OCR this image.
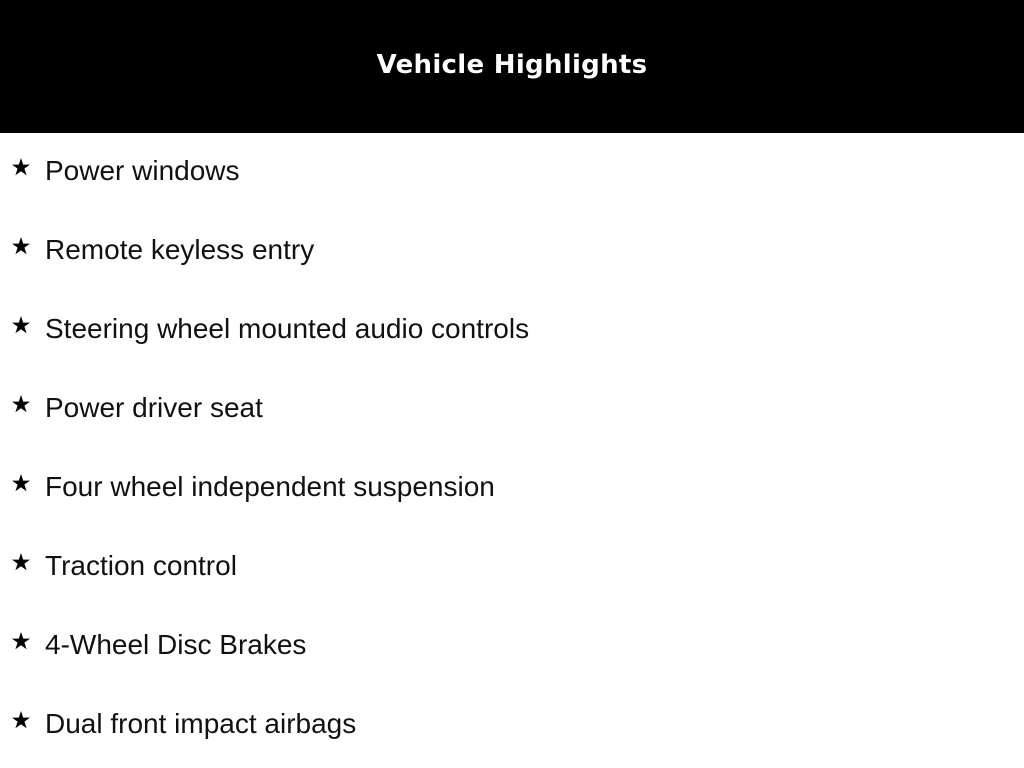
Vehicle Highlights
Power windows
Remote keyless entry
Steering wheel mounted audio controls
Power driver seat
Four wheel independent suspension
Traction control
4-Wheel Disc Brakes
Dual front impact airbags
